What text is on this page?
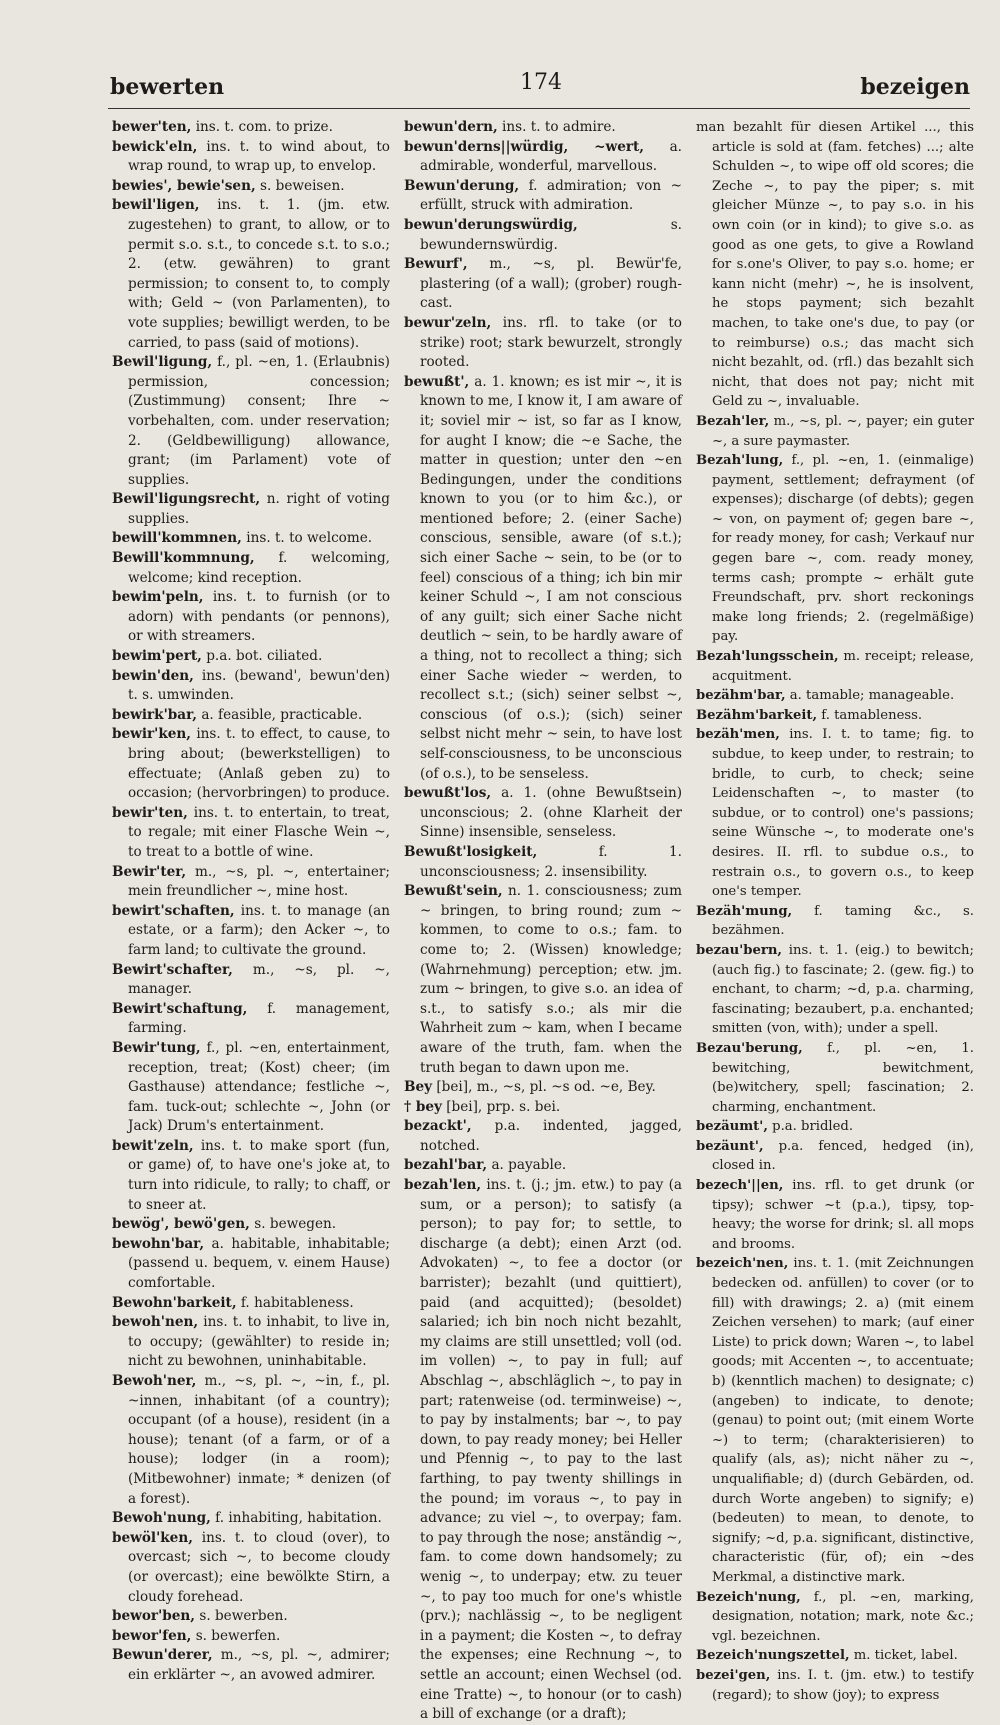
bewerten	174	bezeigen

bewer'ten, ins. t. com. to prize.

bewick'eln, ins. t. to wind about, to wrap round, to wrap up, to envelop.

bewies', bewie'sen, s. beweisen.

bewil'ligen, ins. t. 1. (jm. etw. zugestehen) to grant, to allow, or to permit s.o. s.t., to concede s.t. to s.o.; 2. (etw. gewähren) to grant permission; to consent to, to comply with; Geld ~ (von Parlamenten), to vote supplies; bewilligt werden, to be carried, to pass (said of motions).

Bewil'ligung, f., pl. ~en, 1. (Erlaubnis) permission, concession; (Zustimmung) consent; Ihre ~ vorbehalten, com. under reservation; 2. (Geldbewilligung) allowance, grant; (im Parlament) vote of supplies.

Bewil'ligungsrecht, n. right of voting supplies.

bewill'kommnen, ins. t. to welcome.

Bewill'kommnung, f. welcoming, welcome; kind reception.

bewim'peln, ins. t. to furnish (or to adorn) with pendants (or pennons), or with streamers.

bewim'pert, p.a. bot. ciliated.

bewin'den, ins. (bewand', bewun'den) t. s. umwinden.

bewirk'bar, a. feasible, practicable.

bewir'ken, ins. t. to effect, to cause, to bring about; (bewerkstelligen) to effectuate; (Anlaß geben zu) to occasion; (hervorbringen) to produce.

bewir'ten, ins. t. to entertain, to treat, to regale; mit einer Flasche Wein ~, to treat to a bottle of wine.

Bewir'ter, m., ~s, pl. ~, entertainer; mein freundlicher ~, mine host.

bewirt'schaften, ins. t. to manage (an estate, or a farm); den Acker ~, to farm land; to cultivate the ground.

Bewirt'schafter, m., ~s, pl. ~, manager.

Bewirt'schaftung, f. management, farming.

Bewir'tung, f., pl. ~en, entertainment, reception, treat; (Kost) cheer; (im Gasthause) attendance; festliche ~, fam. tuck-out; schlechte ~, John (or Jack) Drum's entertainment.

bewit'zeln, ins. t. to make sport (fun, or game) of, to have one's joke at, to turn into ridicule, to rally; to chaff, or to sneer at.

bewög', bewö'gen, s. bewegen.

bewohn'bar, a. habitable, inhabitable; (passend u. bequem, v. einem Hause) comfortable.

Bewohn'barkeit, f. habitableness.

bewoh'nen, ins. t. to inhabit, to live in, to occupy; (gewählter) to reside in; nicht zu bewohnen, uninhabitable.

Bewoh'ner, m., ~s, pl. ~, ~in, f., pl. ~innen, inhabitant (of a country); occupant (of a house), resident (in a house); tenant (of a farm, or of a house); lodger (in a room); (Mitbewohner) inmate; * denizen (of a forest).

Bewoh'nung, f. inhabiting, habitation.

bewöl'ken, ins. t. to cloud (over), to overcast; sich ~, to become cloudy (or overcast); eine bewölkte Stirn, a cloudy forehead.

bewor'ben, s. bewerben.

bewor'fen, s. bewerfen.

Bewun'derer, m., ~s, pl. ~, admirer; ein erklärter ~, an avowed admirer.

bewun'dern, ins. t. to admire.

bewun'derns||würdig, ~wert, a. admirable, wonderful, marvellous.

Bewun'derung, f. admiration; von ~ erfüllt, struck with admiration.

bewun'derungswürdig,	s. bewundernswürdig.

Bewurf', m., ~s, pl. Bewür'fe, plastering (of a wall); (grober) rough-cast.

bewur'zeln, ins. rfl. to take (or to strike) root; stark bewurzelt, strongly rooted.

bewußt', a. 1. known; es ist mir ~, it is known to me, I know it, I am aware of it; soviel mir ~ ist, so far as I know, for aught I know; die ~e Sache, the matter in question; unter den ~en Bedingungen, under the conditions known to you (or to him &c.), or mentioned before; 2. (einer Sache) conscious, sensible, aware (of s.t.); sich einer Sache ~ sein, to be (or to feel) conscious of a thing; ich bin mir keiner Schuld ~, I am not conscious of any guilt; sich einer Sache nicht deutlich ~ sein, to be hardly aware of a thing, not to recollect a thing; sich einer Sache wieder ~ werden, to recollect s.t.; (sich) seiner selbst ~, conscious (of o.s.); (sich) seiner selbst nicht mehr ~ sein, to have lost self-consciousness, to be unconscious (of o.s.), to be senseless.

bewußt'los, a. 1. (ohne Bewußtsein) unconscious; 2. (ohne Klarheit der Sinne) insensible, senseless.

Bewußt'losigkeit,	f. 1. unconsciousness; 2. insensibility.

Bewußt'sein, n. 1. consciousness; zum ~ bringen, to bring round; zum ~ kommen, to come to o.s.; fam. to come to; 2. (Wissen) knowledge; (Wahrnehmung) perception; etw. jm. zum ~ bringen, to give s.o. an idea of s.t., to satisfy s.o.; als mir die Wahrheit zum ~ kam, when I became aware of the truth, fam. when the truth began to dawn upon me.

Bey [bei], m., ~s, pl. ~s od. ~e, Bey.

† bey [bei], prp. s. bei.

bezackt', p.a. indented, jagged, notched.

bezahl'bar, a. payable.

bezah'len, ins. t. (j.; jm. etw.) to pay (a sum, or a person); to satisfy (a person); to pay for; to settle, to discharge (a debt); einen Arzt (od. Advokaten) ~, to fee a doctor (or barrister); bezahlt (und quittiert), paid (and acquitted); (besoldet) salaried; ich bin noch nicht bezahlt, my claims are still unsettled; voll (od. im vollen) ~, to pay in full; auf Abschlag ~, abschläglich ~, to pay in part; ratenweise (od. terminweise) ~, to pay by instalments; bar ~, to pay down, to pay ready money; bei Heller und Pfennig ~, to pay to the last farthing, to pay twenty shillings in the pound; im voraus ~, to pay in advance; zu viel ~, to overpay; fam. to pay through the nose; anständig ~, fam. to come down handsomely; zu wenig ~, to underpay; etw. zu teuer ~, to pay too much for one's whistle (prv.); nachlässig ~, to be negligent in a payment; die Kosten ~, to defray the expenses; eine Rechnung ~, to settle an account; einen Wechsel (od. eine Tratte) ~, to honour (or to cash) a bill of exchange (or a draft);

man bezahlt für diesen Artikel ..., this article is sold at (fam. fetches) ...; alte Schulden ~, to wipe off old scores; die Zeche ~, to pay the piper; s. mit gleicher Münze ~, to pay s.o. in his own coin (or in kind); to give s.o. as good as one gets, to give a Rowland for s.one's Oliver, to pay s.o. home; er kann nicht (mehr) ~, he is insolvent, he stops payment; sich bezahlt machen, to take one's due, to pay (or to reimburse) o.s.; das macht sich nicht bezahlt, od. (rfl.) das bezahlt sich nicht, that does not pay; nicht mit Geld zu ~, invaluable.

Bezah'ler, m., ~s, pl. ~, payer; ein guter ~, a sure paymaster.

Bezah'lung, f., pl. ~en, 1. (einmalige) payment, settlement; defrayment (of expenses); discharge (of debts); gegen ~ von, on payment of; gegen bare ~, for ready money, for cash; Verkauf nur gegen bare ~, com. ready money, terms cash; prompte ~ erhält gute Freundschaft, prv. short reckonings make long friends; 2. (regelmäßige) pay.

Bezah'lungsschein, m. receipt; release, acquitment.

bezähm'bar, a. tamable; manageable.

Bezähm'barkeit, f. tamableness.

bezäh'men, ins. I. t. to tame; fig. to subdue, to keep under, to restrain; to bridle, to curb, to check; seine Leidenschaften ~, to master (to subdue, or to control) one's passions; seine Wünsche ~, to moderate one's desires. II. rfl. to subdue o.s., to restrain o.s., to govern o.s., to keep one's temper.

Bezäh'mung, f. taming &c., s. bezähmen.

bezau'bern, ins. t. 1. (eig.) to bewitch; (auch fig.) to fascinate; 2. (gew. fig.) to enchant, to charm; ~d, p.a. charming, fascinating; bezaubert, p.a. enchanted; smitten (von, with); under a spell.

Bezau'berung, f., pl. ~en, 1. bewitching, bewitchment, (be)witchery, spell; fascination; 2. charming, enchantment.

bezäumt', p.a. bridled.

bezäunt', p.a. fenced, hedged (in), closed in.

bezech'||en, ins. rfl. to get drunk (or tipsy); schwer ~t (p.a.), tipsy, top-heavy; the worse for drink; sl. all mops and brooms.

bezeich'nen, ins. t. 1. (mit Zeichnungen bedecken od. anfüllen) to cover (or to fill) with drawings; 2. a) (mit einem Zeichen versehen) to mark; (auf einer Liste) to prick down; Waren ~, to label goods; mit Accenten ~, to accentuate; b) (kenntlich machen) to designate; c) (angeben) to indicate, to denote; (genau) to point out; (mit einem Worte ~) to term; (charakterisieren) to qualify (als, as); nicht näher zu ~, unqualifiable; d) (durch Gebärden, od. durch Worte angeben) to signify; e) (bedeuten) to mean, to denote, to signify; ~d, p.a. significant, distinctive, characteristic (für, of); ein ~des Merkmal, a distinctive mark.

Bezeich'nung, f., pl. ~en, marking, designation, notation; mark, note &c.; vgl. bezeichnen.

Bezeich'nungszettel, m. ticket, label.

bezei'gen, ins. I. t. (jm. etw.) to testify (regard); to show (joy); to express
